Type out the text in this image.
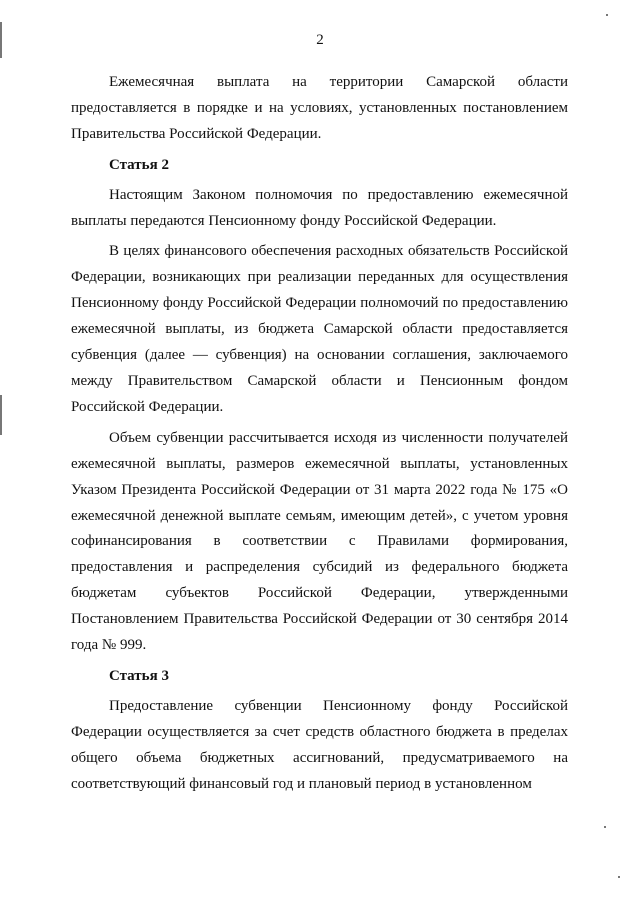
2

Ежемесячная выплата на территории Самарской области предоставляется в порядке и на условиях, установленных постановлением Правительства Российской Федерации.

Статья 2

Настоящим Законом полномочия по предоставлению ежемесячной выплаты передаются Пенсионному фонду Российской Федерации.

В целях финансового обеспечения расходных обязательств Российской Федерации, возникающих при реализации переданных для осуществления Пенсионному фонду Российской Федерации полномочий по предоставлению ежемесячной выплаты, из бюджета Самарской области предоставляется субвенция (далее — субвенция) на основании соглашения, заключаемого между Правительством Самарской области и Пенсионным фондом Российской Федерации.

Объем субвенции рассчитывается исходя из численности получателей ежемесячной выплаты, размеров ежемесячной выплаты, установленных Указом Президента Российской Федерации от 31 марта 2022 года № 175 «О ежемесячной денежной выплате семьям, имеющим детей», с учетом уровня софинансирования в соответствии с Правилами формирования, предоставления и распределения субсидий из федерального бюджета бюджетам субъектов Российской Федерации, утвержденными Постановлением Правительства Российской Федерации от 30 сентября 2014 года № 999.

Статья 3

Предоставление субвенции Пенсионному фонду Российской Федерации осуществляется за счет средств областного бюджета в пределах общего объема бюджетных ассигнований, предусматриваемого на соответствующий финансовый год и плановый период в установленном
